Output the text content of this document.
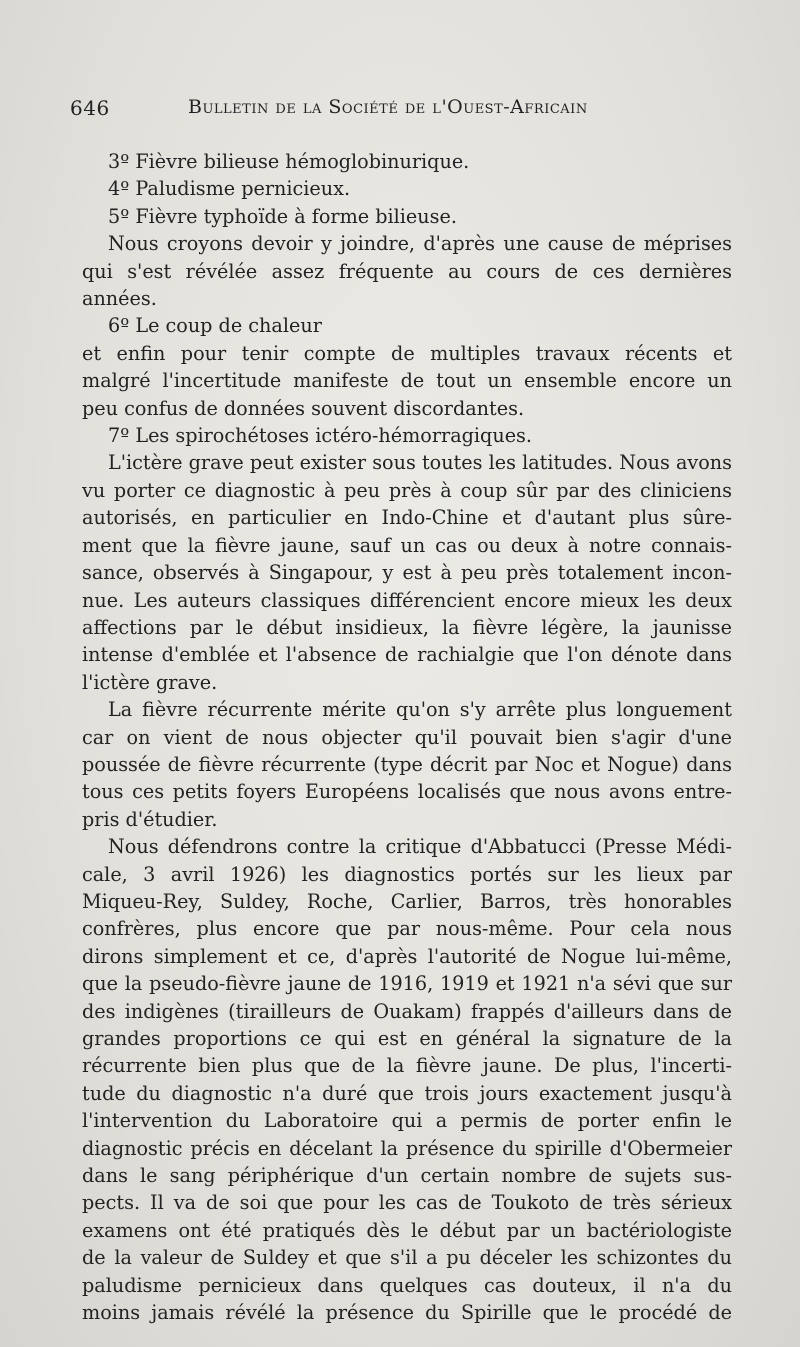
646	Bulletin de la Société de l'Ouest-Africain
3º Fièvre bilieuse hémoglobinurique.
4º Paludisme pernicieux.
5º Fièvre typhoïde à forme bilieuse.
Nous croyons devoir y joindre, d'après une cause de méprises
qui s'est révélée assez fréquente au cours de ces dernières
années.
6º Le coup de chaleur
et enfin pour tenir compte de multiples travaux récents et
malgré l'incertitude manifeste de tout un ensemble encore un
peu confus de données souvent discordantes.
7º Les spirochétoses ictéro-hémorragiques.
L'ictère grave peut exister sous toutes les latitudes. Nous avons
vu porter ce diagnostic à peu près à coup sûr par des cliniciens
autorisés, en particulier en Indo-Chine et d'autant plus sûre-
ment que la fièvre jaune, sauf un cas ou deux à notre connais-
sance, observés à Singapour, y est à peu près totalement incon-
nue. Les auteurs classiques différencient encore mieux les deux
affections par le début insidieux, la fièvre légère, la jaunisse
intense d'emblée et l'absence de rachialgie que l'on dénote dans
l'ictère grave.
La fièvre récurrente mérite qu'on s'y arrête plus longuement
car on vient de nous objecter qu'il pouvait bien s'agir d'une
poussée de fièvre récurrente (type décrit par Noc et Nogue) dans
tous ces petits foyers Européens localisés que nous avons entre-
pris d'étudier.
Nous défendrons contre la critique d'Abbatucci (Presse Médi-
cale, 3 avril 1926) les diagnostics portés sur les lieux par
Miqueu-Rey, Suldey, Roche, Carlier, Barros, très honorables
confrères, plus encore que par nous-même. Pour cela nous
dirons simplement et ce, d'après l'autorité de Nogue lui-même,
que la pseudo-fièvre jaune de 1916, 1919 et 1921 n'a sévi que sur
des indigènes (tirailleurs de Ouakam) frappés d'ailleurs dans de
grandes proportions ce qui est en général la signature de la
récurrente bien plus que de la fièvre jaune. De plus, l'incerti-
tude du diagnostic n'a duré que trois jours exactement jusqu'à
l'intervention du Laboratoire qui a permis de porter enfin le
diagnostic précis en décelant la présence du spirille d'Obermeier
dans le sang périphérique d'un certain nombre de sujets sus-
pects. Il va de soi que pour les cas de Toukoto de très sérieux
examens ont été pratiqués dès le début par un bactériologiste
de la valeur de Suldey et que s'il a pu déceler les schizontes du
paludisme pernicieux dans quelques cas douteux, il n'a du
moins jamais révélé la présence du Spirille que le procédé de
